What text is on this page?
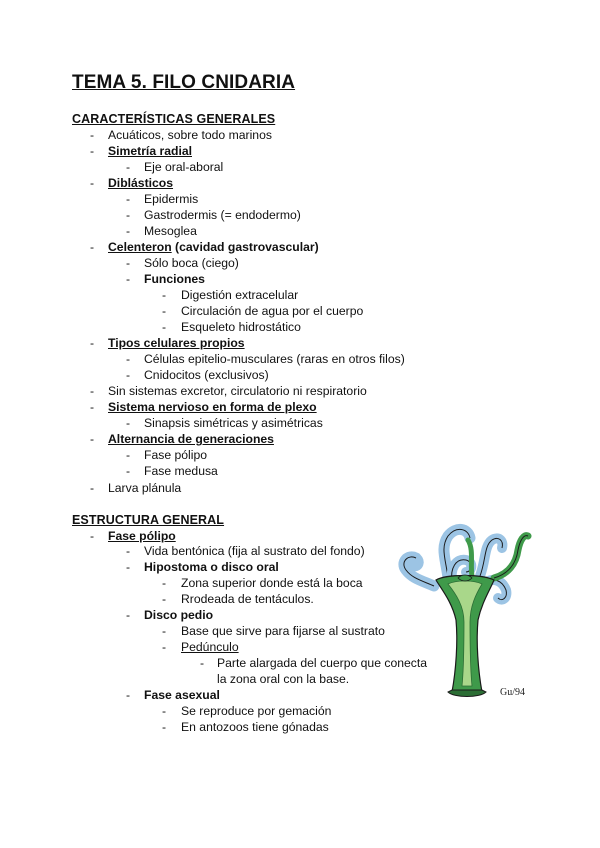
TEMA 5. FILO CNIDARIA
CARACTERÍSTICAS GENERALES
-	Acuáticos, sobre todo marinos
-	Simetría radial
-	Eje oral-aboral
-	Diblásticos
-	Epidermis
-	Gastrodermis (= endodermo)
-	Mesoglea
-	Celenteron (cavidad gastrovascular)
-	Sólo boca (ciego)
-	Funciones
-	Digestión extracelular
-	Circulación de agua por el cuerpo
-	Esqueleto hidrostático
-	Tipos celulares propios
-	Células epitelio-musculares (raras en otros filos)
-	Cnidocitos (exclusivos)
-	Sin sistemas excretor, circulatorio ni respiratorio
-	Sistema nervioso en forma de plexo
-	Sinapsis simétricas y asimétricas
-	Alternancia de generaciones
-	Fase pólipo
-	Fase medusa
-	Larva plánula
ESTRUCTURA GENERAL
-	Fase pólipo
-	Vida bentónica (fija al sustrato del fondo)
-	Hipostoma o disco oral
-	Zona superior donde está la boca
-	Rrodeada de tentáculos.
-	Disco pedio
-	Base que sirve para fijarse al sustrato
-	Pedúnculo
-	Parte alargada del cuerpo que conecta
la zona oral con la base.
-	Fase asexual
-	Se reproduce por gemación
-	En antozoos tiene gónadas
Gu/94
